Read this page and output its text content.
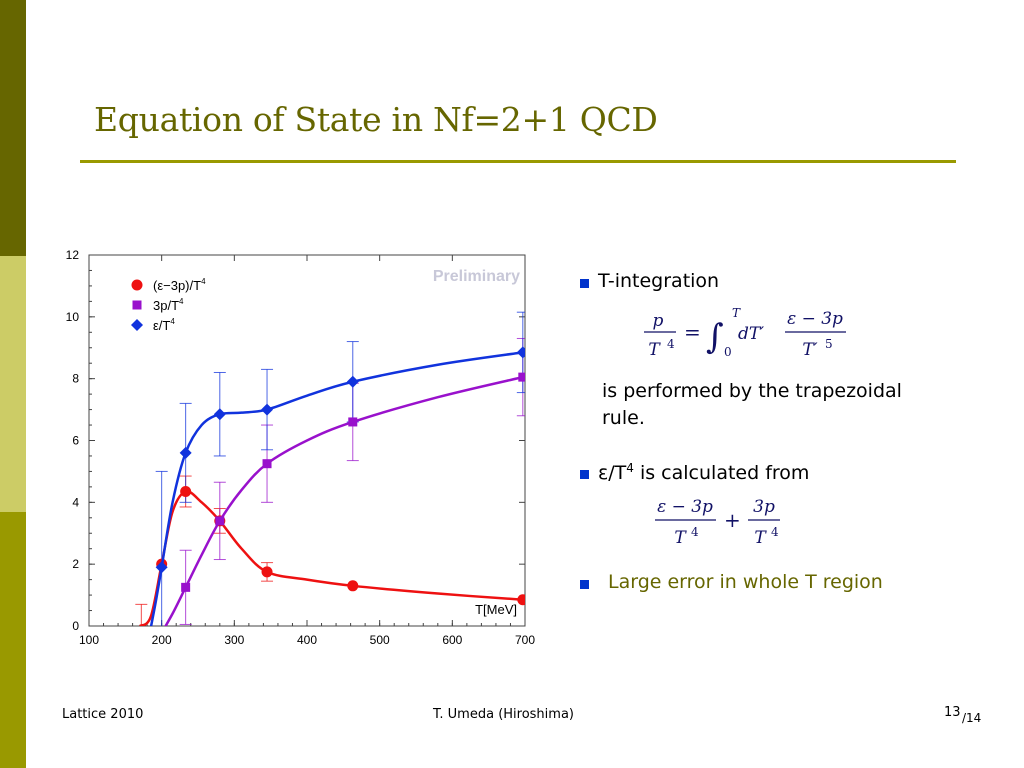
Equation of State in Nf=2+1 QCD
100	200	300	400	500	600	700
0
2
4
6
8
10
12
Preliminary
T[MeV]
$(\varepsilon-3p)/T^4$
$3p/T^4$
$\varepsilon/T^4$
T-integration
p
T 4 = ∫
T
0
dT′
ε − 3p
T′ 5
is performed by the trapezoidal
rule.
$\varepsilon/T^4$ is calculated from
ε − 3p
T 4 +
3p
T 4
Large error in whole T region
Lattice 2010	T. Umeda (Hiroshima)	13 /14
